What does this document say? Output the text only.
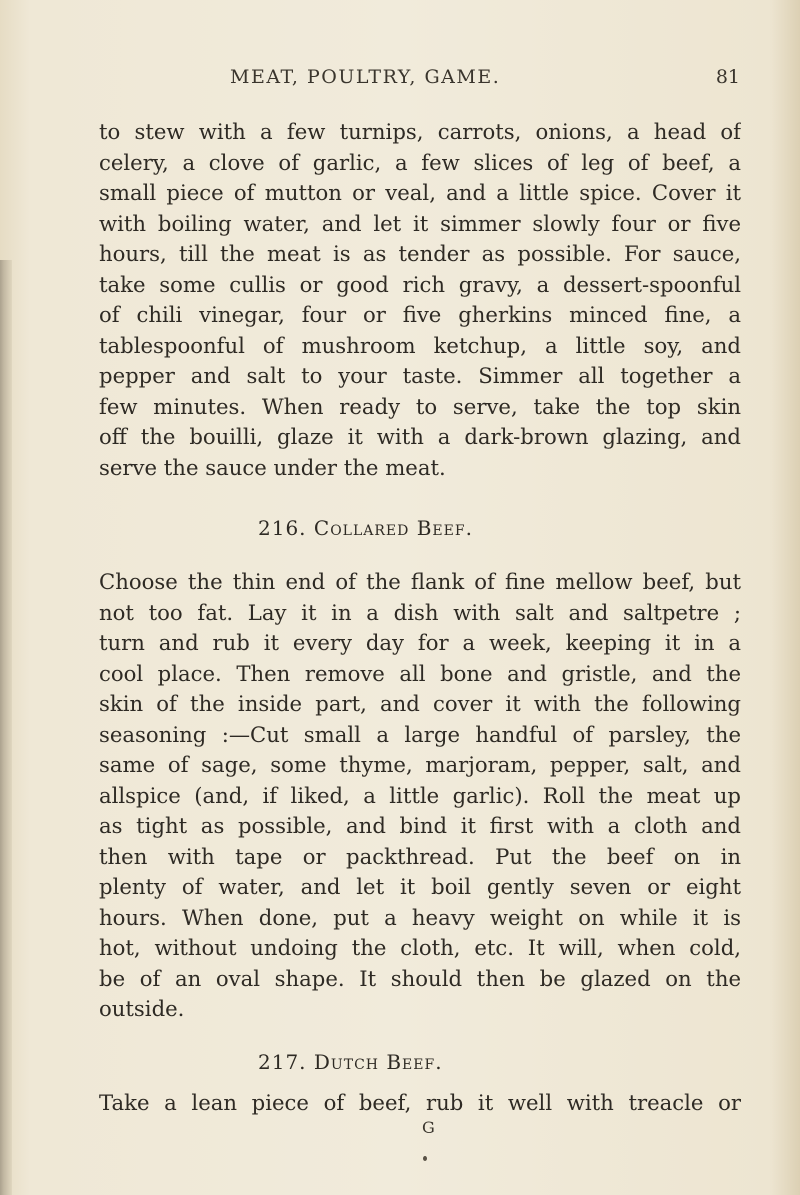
MEAT, POULTRY, GAME.	81
to stew with a few turnips, carrots, onions, a head of
celery, a clove of garlic, a few slices of leg of beef, a
small piece of mutton or veal, and a little spice. Cover it
with boiling water, and let it simmer slowly four or five
hours, till the meat is as tender as possible. For sauce,
take some cullis or good rich gravy, a dessert-spoonful
of chili vinegar, four or five gherkins minced fine, a
tablespoonful of mushroom ketchup, a little soy, and
pepper and salt to your taste. Simmer all together a
few minutes. When ready to serve, take the top skin
off the bouilli, glaze it with a dark-brown glazing, and
serve the sauce under the meat.
216. Collared Beef.
Choose the thin end of the flank of fine mellow beef, but
not too fat. Lay it in a dish with salt and saltpetre ;
turn and rub it every day for a week, keeping it in a
cool place. Then remove all bone and gristle, and the
skin of the inside part, and cover it with the following
seasoning :—Cut small a large handful of parsley, the
same of sage, some thyme, marjoram, pepper, salt, and
allspice (and, if liked, a little garlic). Roll the meat up
as tight as possible, and bind it first with a cloth and
then with tape or packthread. Put the beef on in
plenty of water, and let it boil gently seven or eight
hours. When done, put a heavy weight on while it is
hot, without undoing the cloth, etc. It will, when cold,
be of an oval shape. It should then be glazed on the
outside.
217. Dutch Beef.
Take a lean piece of beef, rub it well with treacle or
G
